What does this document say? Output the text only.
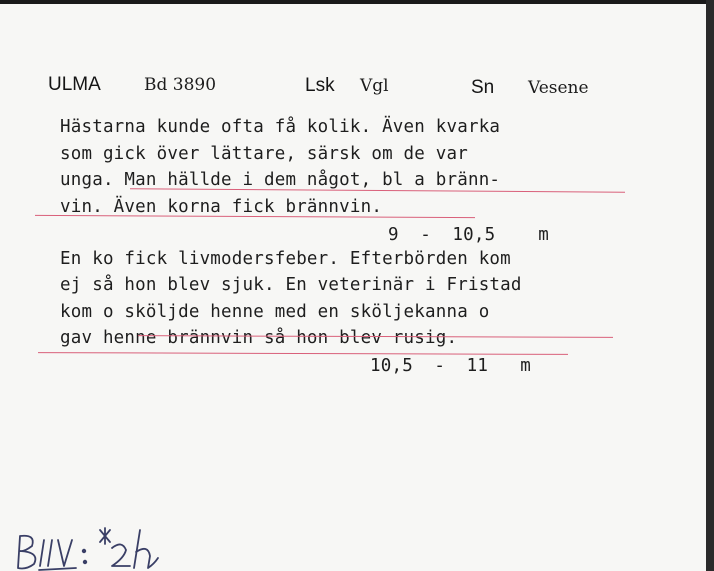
ULMA	Bd 3890	Lsk Vgl	Sn Vesene
Hästarna kunde ofta få kolik. Även kvarka
som gick över lättare, särsk om de var
unga. Man hällde i dem något, bl a bränn-
vin. Även korna fick brännvin.
9  -  10,5    m
En ko fick livmodersfeber. Efterbörden kom
ej så hon blev sjuk. En veterinär i Fristad
kom o sköljde henne med en sköljekanna o
gav henne brännvin så hon blev rusig.
10,5  -  11   m
